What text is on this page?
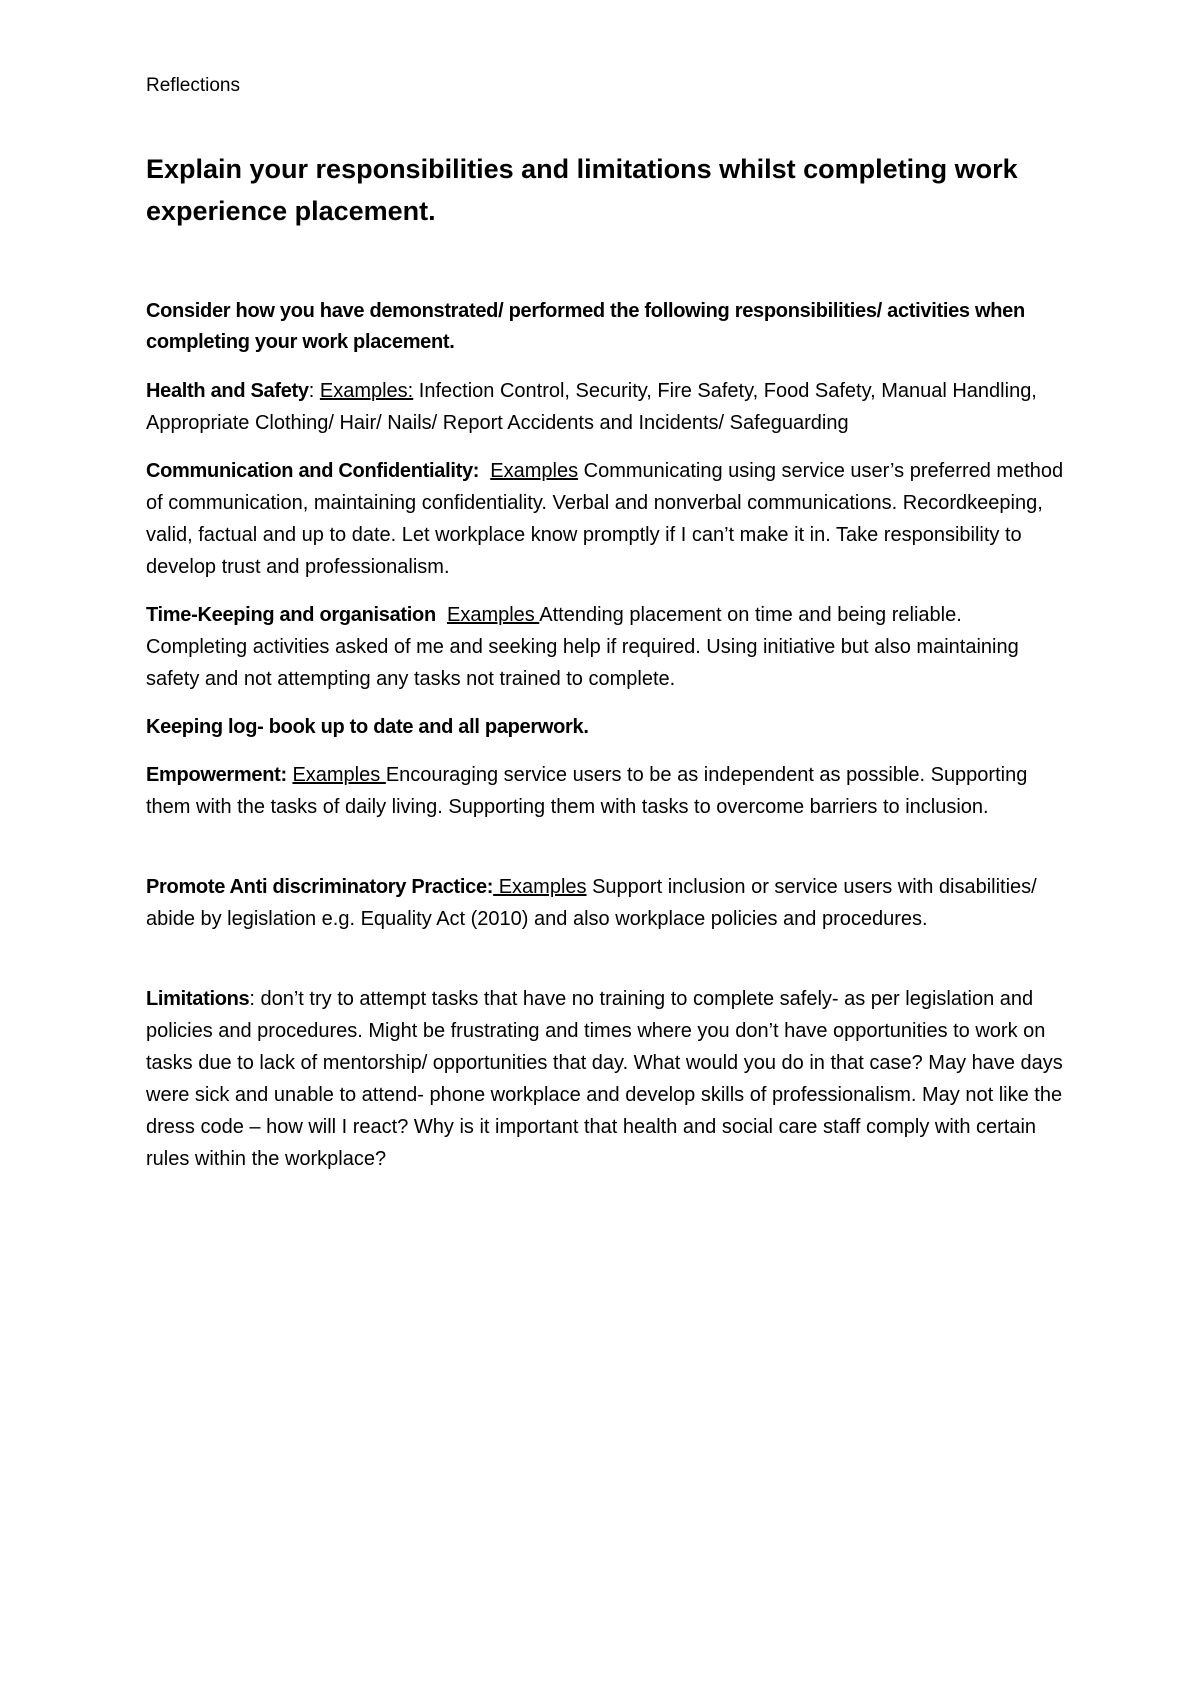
Reflections
Explain your responsibilities and limitations whilst completing work experience placement.

Consider how you have demonstrated/ performed the following responsibilities/ activities when completing your work placement.

Health and Safety: Examples: Infection Control, Security, Fire Safety, Food Safety, Manual Handling, Appropriate Clothing/ Hair/ Nails/ Report Accidents and Incidents/ Safeguarding

Communication and Confidentiality: Examples Communicating using service user’s preferred method of communication, maintaining confidentiality. Verbal and nonverbal communications. Recordkeeping, valid, factual and up to date. Let workplace know promptly if I can’t make it in. Take responsibility to develop trust and professionalism.

Time-Keeping and organisation Examples Attending placement on time and being reliable. Completing activities asked of me and seeking help if required. Using initiative but also maintaining safety and not attempting any tasks not trained to complete.

Keeping log- book up to date and all paperwork.

Empowerment: Examples Encouraging service users to be as independent as possible. Supporting them with the tasks of daily living. Supporting them with tasks to overcome barriers to inclusion.

Promote Anti discriminatory Practice: Examples Support inclusion or service users with disabilities/ abide by legislation e.g. Equality Act (2010) and also workplace policies and procedures.

Limitations: don’t try to attempt tasks that have no training to complete safely- as per legislation and policies and procedures. Might be frustrating and times where you don’t have opportunities to work on tasks due to lack of mentorship/ opportunities that day. What would you do in that case? May have days were sick and unable to attend- phone workplace and develop skills of professionalism. May not like the dress code – how will I react? Why is it important that health and social care staff comply with certain rules within the workplace?
